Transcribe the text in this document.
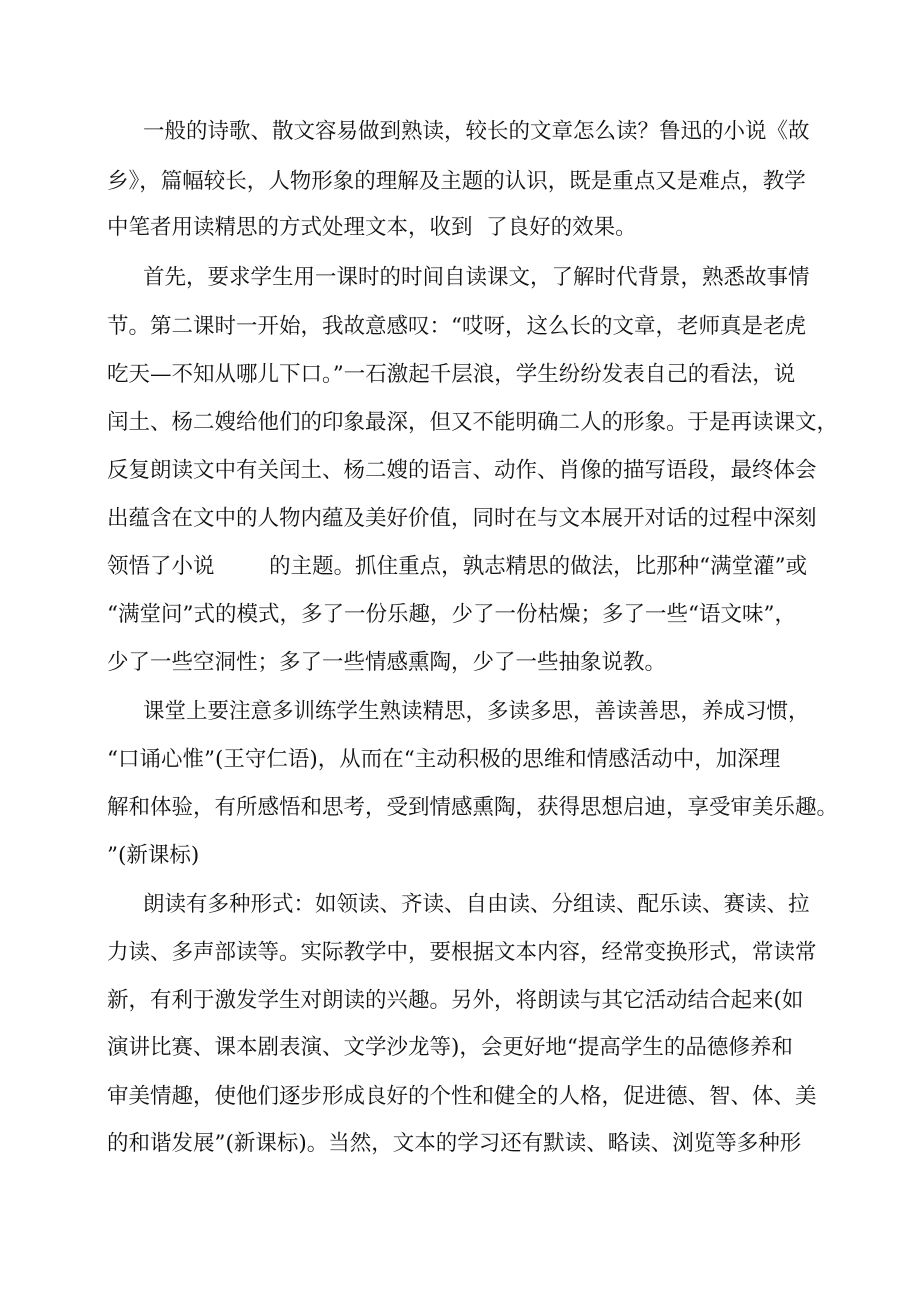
一般的诗歌、散文容易做到熟读，较长的文章怎么读？鲁迅的小说《故

乡》，篇幅较长，人物形象的理解及主题的认识，既是重点又是难点，教学

中笔者用读精思的方式处理文本，收到  了良好的效果。

首先，要求学生用一课时的时间自读课文，了解时代背景，熟悉故事情

节。第二课时一开始，我故意感叹：“哎呀，这么长的文章，老师真是老虎

吃天—不知从哪儿下口。”一石激起千层浪，学生纷纷发表自己的看法，说

闰土、杨二嫂给他们的印象最深，但又不能明确二人的形象。于是再读课文，

反复朗读文中有关闰土、杨二嫂的语言、动作、肖像的描写语段，最终体会

出蕴含在文中的人物内蕴及美好价值，同时在与文本展开对话的过程中深刻

领悟了小说        的主题。抓住重点，孰志精思的做法，比那种“满堂灌”或

“满堂问”式的模式，多了一份乐趣，少了一份枯燥；多了一些“语文味”，

少了一些空洞性；多了一些情感熏陶，少了一些抽象说教。

课堂上要注意多训练学生熟读精思，多读多思，善读善思，养成习惯，

“口诵心惟”(王守仁语)，从而在“主动积极的思维和情感活动中，加深理

解和体验，有所感悟和思考，受到情感熏陶，获得思想启迪，享受审美乐趣。

”(新课标)

朗读有多种形式：如领读、齐读、自由读、分组读、配乐读、赛读、拉

力读、多声部读等。实际教学中，要根据文本内容，经常变换形式，常读常

新，有利于激发学生对朗读的兴趣。另外，将朗读与其它活动结合起来(如

演讲比赛、课本剧表演、文学沙龙等)，会更好地“提高学生的品德修养和

审美情趣，使他们逐步形成良好的个性和健全的人格，促进德、智、体、美

的和谐发展”(新课标)。当然，文本的学习还有默读、略读、浏览等多种形
